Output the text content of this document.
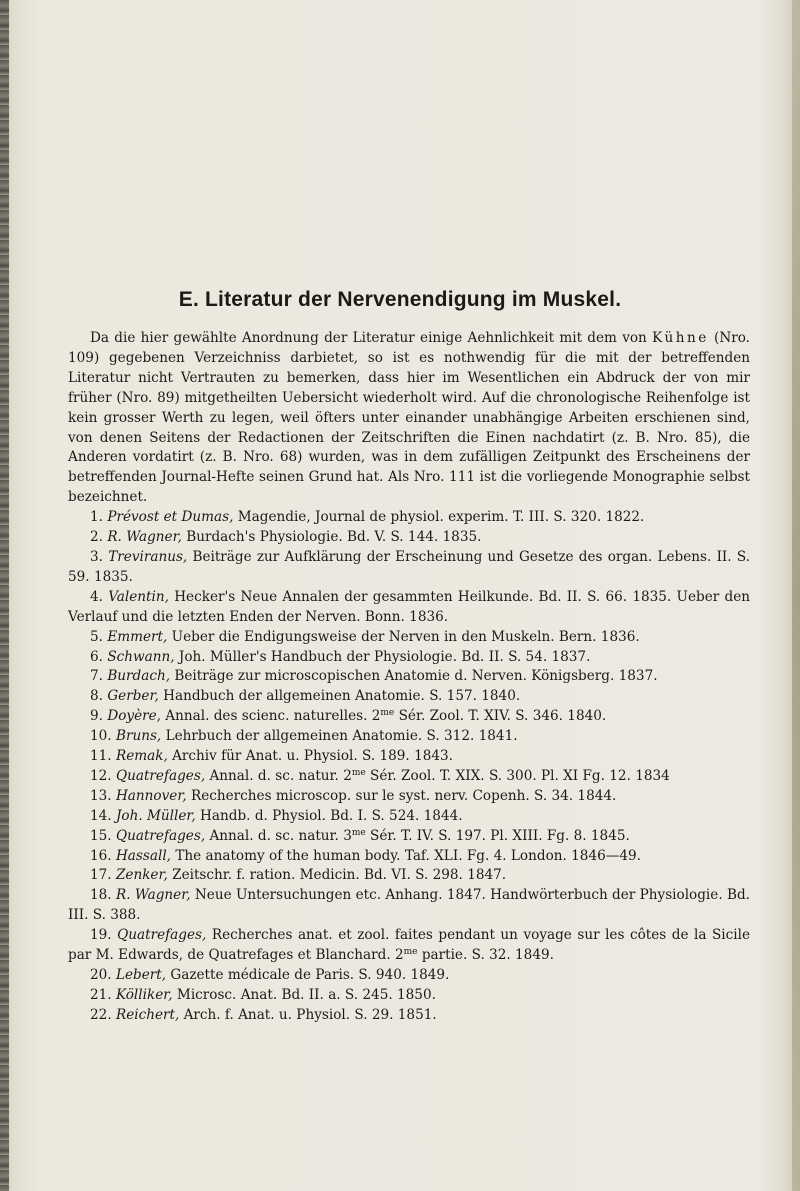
E. Literatur der Nervenendigung im Muskel.

Da die hier gewählte Anordnung der Literatur einige Aehnlichkeit mit dem von Kühne (Nro. 109) gegebenen Verzeichniss darbietet, so ist es nothwendig für die mit der betreffenden Literatur nicht Vertrauten zu bemerken, dass hier im Wesentlichen ein Abdruck der von mir früher (Nro. 89) mitgetheilten Uebersicht wiederholt wird. Auf die chronologische Reihenfolge ist kein grosser Werth zu legen, weil öfters unter einander unabhängige Arbeiten erschienen sind, von denen Seitens der Redactionen der Zeitschriften die Einen nachdatirt (z. B. Nro. 85), die Anderen vordatirt (z. B. Nro. 68) wurden, was in dem zufälligen Zeitpunkt des Erscheinens der betreffenden Journal-Hefte seinen Grund hat. Als Nro. 111 ist die vorliegende Monographie selbst bezeichnet.

1. Prévost et Dumas, Magendie, Journal de physiol. experim. T. III. S. 320. 1822.

2. R. Wagner, Burdach's Physiologie. Bd. V. S. 144. 1835.

3. Treviranus, Beiträge zur Aufklärung der Erscheinung und Gesetze des organ. Lebens. II. S. 59. 1835.

4. Valentin, Hecker's Neue Annalen der gesammten Heilkunde. Bd. II. S. 66. 1835. Ueber den Verlauf und die letzten Enden der Nerven. Bonn. 1836.

5. Emmert, Ueber die Endigungsweise der Nerven in den Muskeln. Bern. 1836.

6. Schwann, Joh. Müller's Handbuch der Physiologie. Bd. II. S. 54. 1837.

7. Burdach, Beiträge zur microscopischen Anatomie d. Nerven. Königsberg. 1837.

8. Gerber, Handbuch der allgemeinen Anatomie. S. 157. 1840.

9. Doyère, Annal. des scienc. naturelles. $2^{me}$ Sér. Zool. T. XIV. S. 346. 1840.

10. Bruns, Lehrbuch der allgemeinen Anatomie. S. 312. 1841.

11. Remak, Archiv für Anat. u. Physiol. S. 189. 1843.

12. Quatrefages, Annal. d. sc. natur. $2^{me}$ Sér. Zool. T. XIX. S. 300. Pl. XI Fg. 12. 1834

13. Hannover, Recherches microscop. sur le syst. nerv. Copenh. S. 34. 1844.

14. Joh. Müller, Handb. d. Physiol. Bd. I. S. 524. 1844.

15. Quatrefages, Annal. d. sc. natur. $3^{me}$ Sér. T. IV. S. 197. Pl. XIII. Fg. 8. 1845.

16. Hassall, The anatomy of the human body. Taf. XLI. Fg. 4. London. 1846—49.

17. Zenker, Zeitschr. f. ration. Medicin. Bd. VI. S. 298. 1847.

18. R. Wagner, Neue Untersuchungen etc. Anhang. 1847. Handwörterbuch der Physiologie. Bd. III. S. 388.

19. Quatrefages, Recherches anat. et zool. faites pendant un voyage sur les côtes de la Sicile par M. Edwards, de Quatrefages et Blanchard. $2^{me}$ partie. S. 32. 1849.

20. Lebert, Gazette médicale de Paris. S. 940. 1849.

21. Kölliker, Microsc. Anat. Bd. II. a. S. 245. 1850.

22. Reichert, Arch. f. Anat. u. Physiol. S. 29. 1851.
